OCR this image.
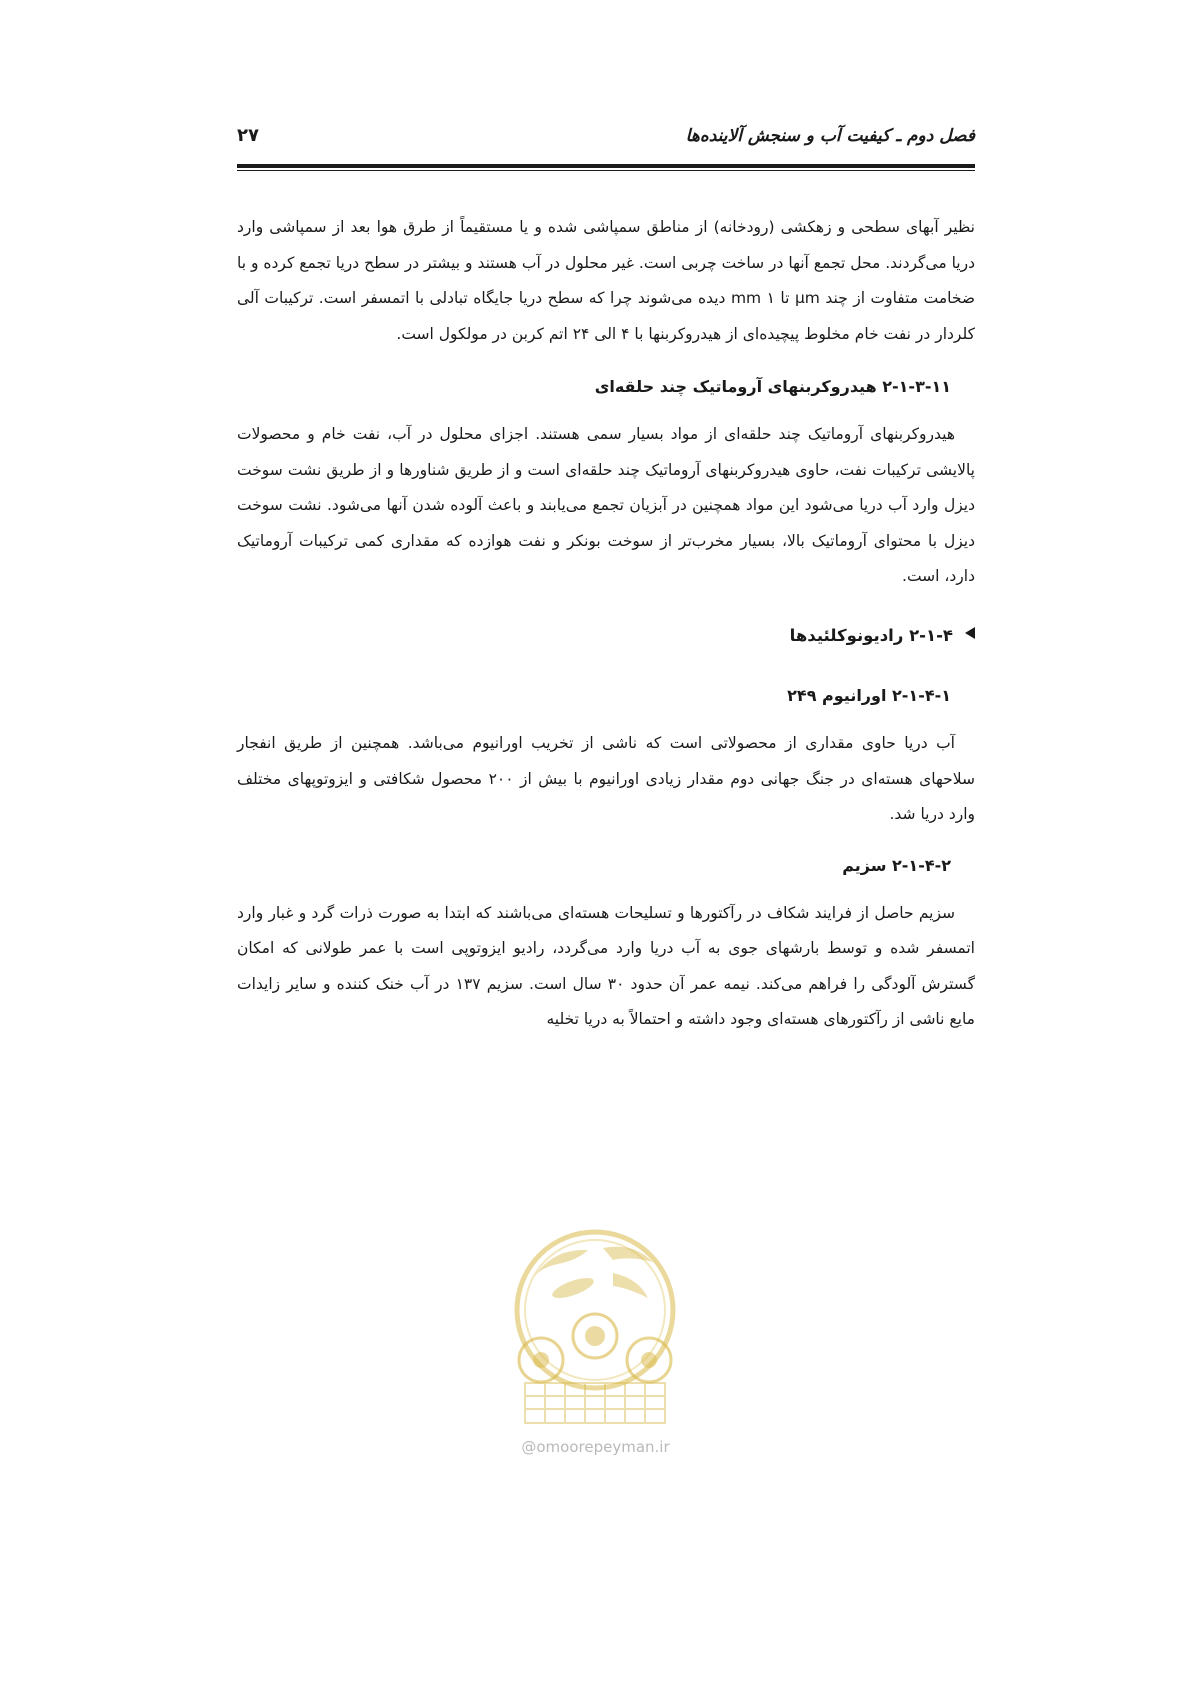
فصل دوم ـ کیفیت آب و سنجش آلاینده‌ها
۲۷

نظیر آبهای سطحی و زهکشی (رودخانه) از مناطق سمپاشی شده و یا مستقیماً از طرق هوا بعد از سمپاشی وارد دریا می‌گردند. محل تجمع آنها در ساخت چربی است. غیر محلول در آب هستند و بیشتر در سطح دریا تجمع کرده و با ضخامت متفاوت از چند µm تا ۱ mm دیده می‌شوند چرا که سطح دریا جایگاه تبادلی با اتمسفر است. ترکیبات آلی کلردار در نفت خام مخلوط پیچیده‌ای از هیدروکربنها با ۴ الی ۲۴ اتم کربن در مولکول است.

۲-۱-۳-۱۱ هیدروکربنهای آروماتیک چند حلقه‌ای

هیدروکربنهای آروماتیک چند حلقه‌ای از مواد بسیار سمی هستند. اجزای محلول در آب، نفت خام و محصولات پالایشی ترکیبات نفت، حاوی هیدروکربنهای آروماتیک چند حلقه‌ای است و از طریق شناورها و از طریق نشت سوخت دیزل وارد آب دریا می‌شود این مواد همچنین در آبزیان تجمع می‌یابند و باعث آلوده شدن آنها می‌شود. نشت سوخت دیزل با محتوای آروماتیک بالا، بسیار مخرب‌تر از سوخت بونکر و نفت هوازده که مقداری کمی ترکیبات آروماتیک دارد، است.

۲-۱-۴ رادیونوکلئیدها

۲-۱-۴-۱ اورانیوم ۲۴۹

آب دریا حاوی مقداری از محصولاتی است که ناشی از تخریب اورانیوم می‌باشد. همچنین از طریق انفجار سلاحهای هسته‌ای در جنگ جهانی دوم مقدار زیادی اورانیوم با بیش از ۲۰۰ محصول شکافتی و ایزوتوپهای مختلف وارد دریا شد.

۲-۱-۴-۲ سزیم

سزیم حاصل از فرایند شکاف در رآکتورها و تسلیحات هسته‌ای می‌باشند که ابتدا به صورت ذرات گرد و غبار وارد اتمسفر شده و توسط بارشهای جوی به آب دریا وارد می‌گردد، رادیو ایزوتوپی است با عمر طولانی که امکان گسترش آلودگی را فراهم می‌کند. نیمه عمر آن حدود ۳۰ سال است. سزیم ۱۳۷ در آب خنک کننده و سایر زایدات مایع ناشی از رآکتورهای هسته‌ای وجود داشته و احتمالاً به دریا تخلیه

@omoorepeyman.ir
